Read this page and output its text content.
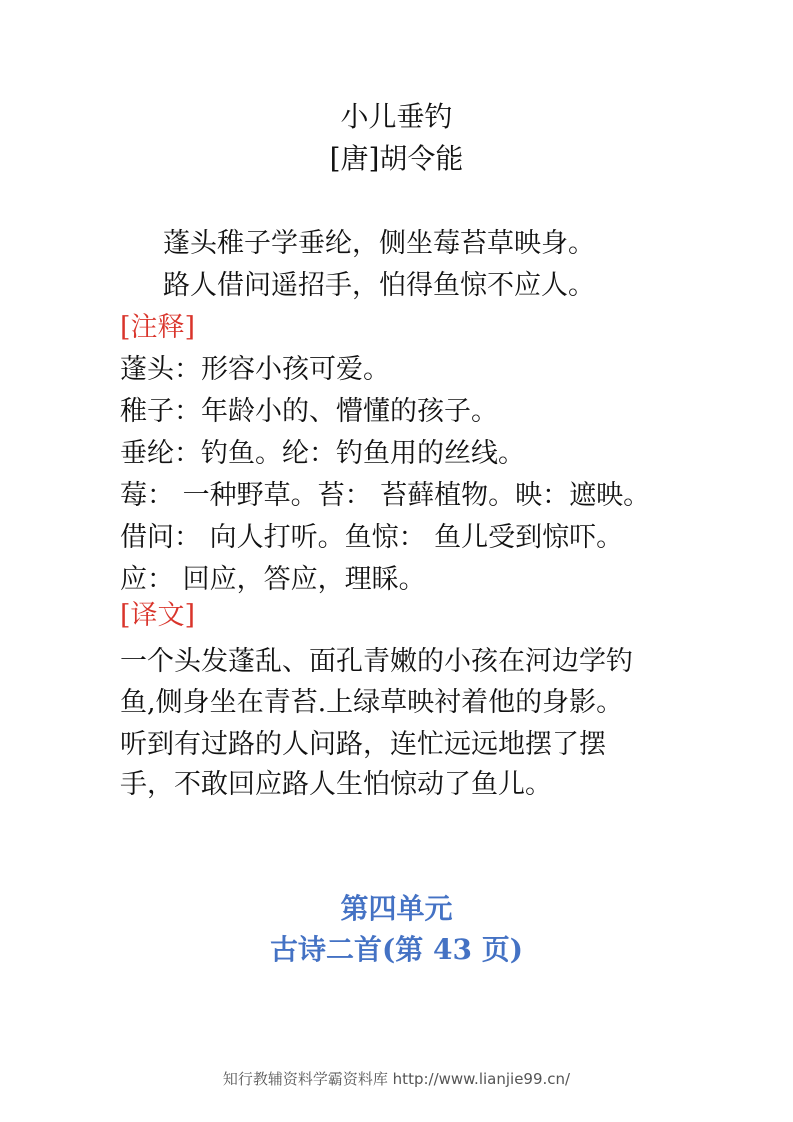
小儿垂钓
[唐]胡令能
蓬头稚子学垂纶，侧坐莓苔草映身。
路人借问遥招手，怕得鱼惊不应人。
[注释]
蓬头：形容小孩可爱。
稚子：年龄小的、懵懂的孩子。
垂纶：钓鱼。纶：钓鱼用的丝线。
莓： 一种野草。苔： 苔藓植物。映：遮映。
借问： 向人打听。鱼惊： 鱼儿受到惊吓。
应： 回应，答应，理睬。
[译文]
一个头发蓬乱、面孔青嫩的小孩在河边学钓
鱼,侧身坐在青苔.上绿草映衬着他的身影。
听到有过路的人问路，连忙远远地摆了摆
手，不敢回应路人生怕惊动了鱼儿。
第四单元
古诗二首(第 43 页)
知行教辅资料学霸资料库 http://www.lianjie99.cn/
